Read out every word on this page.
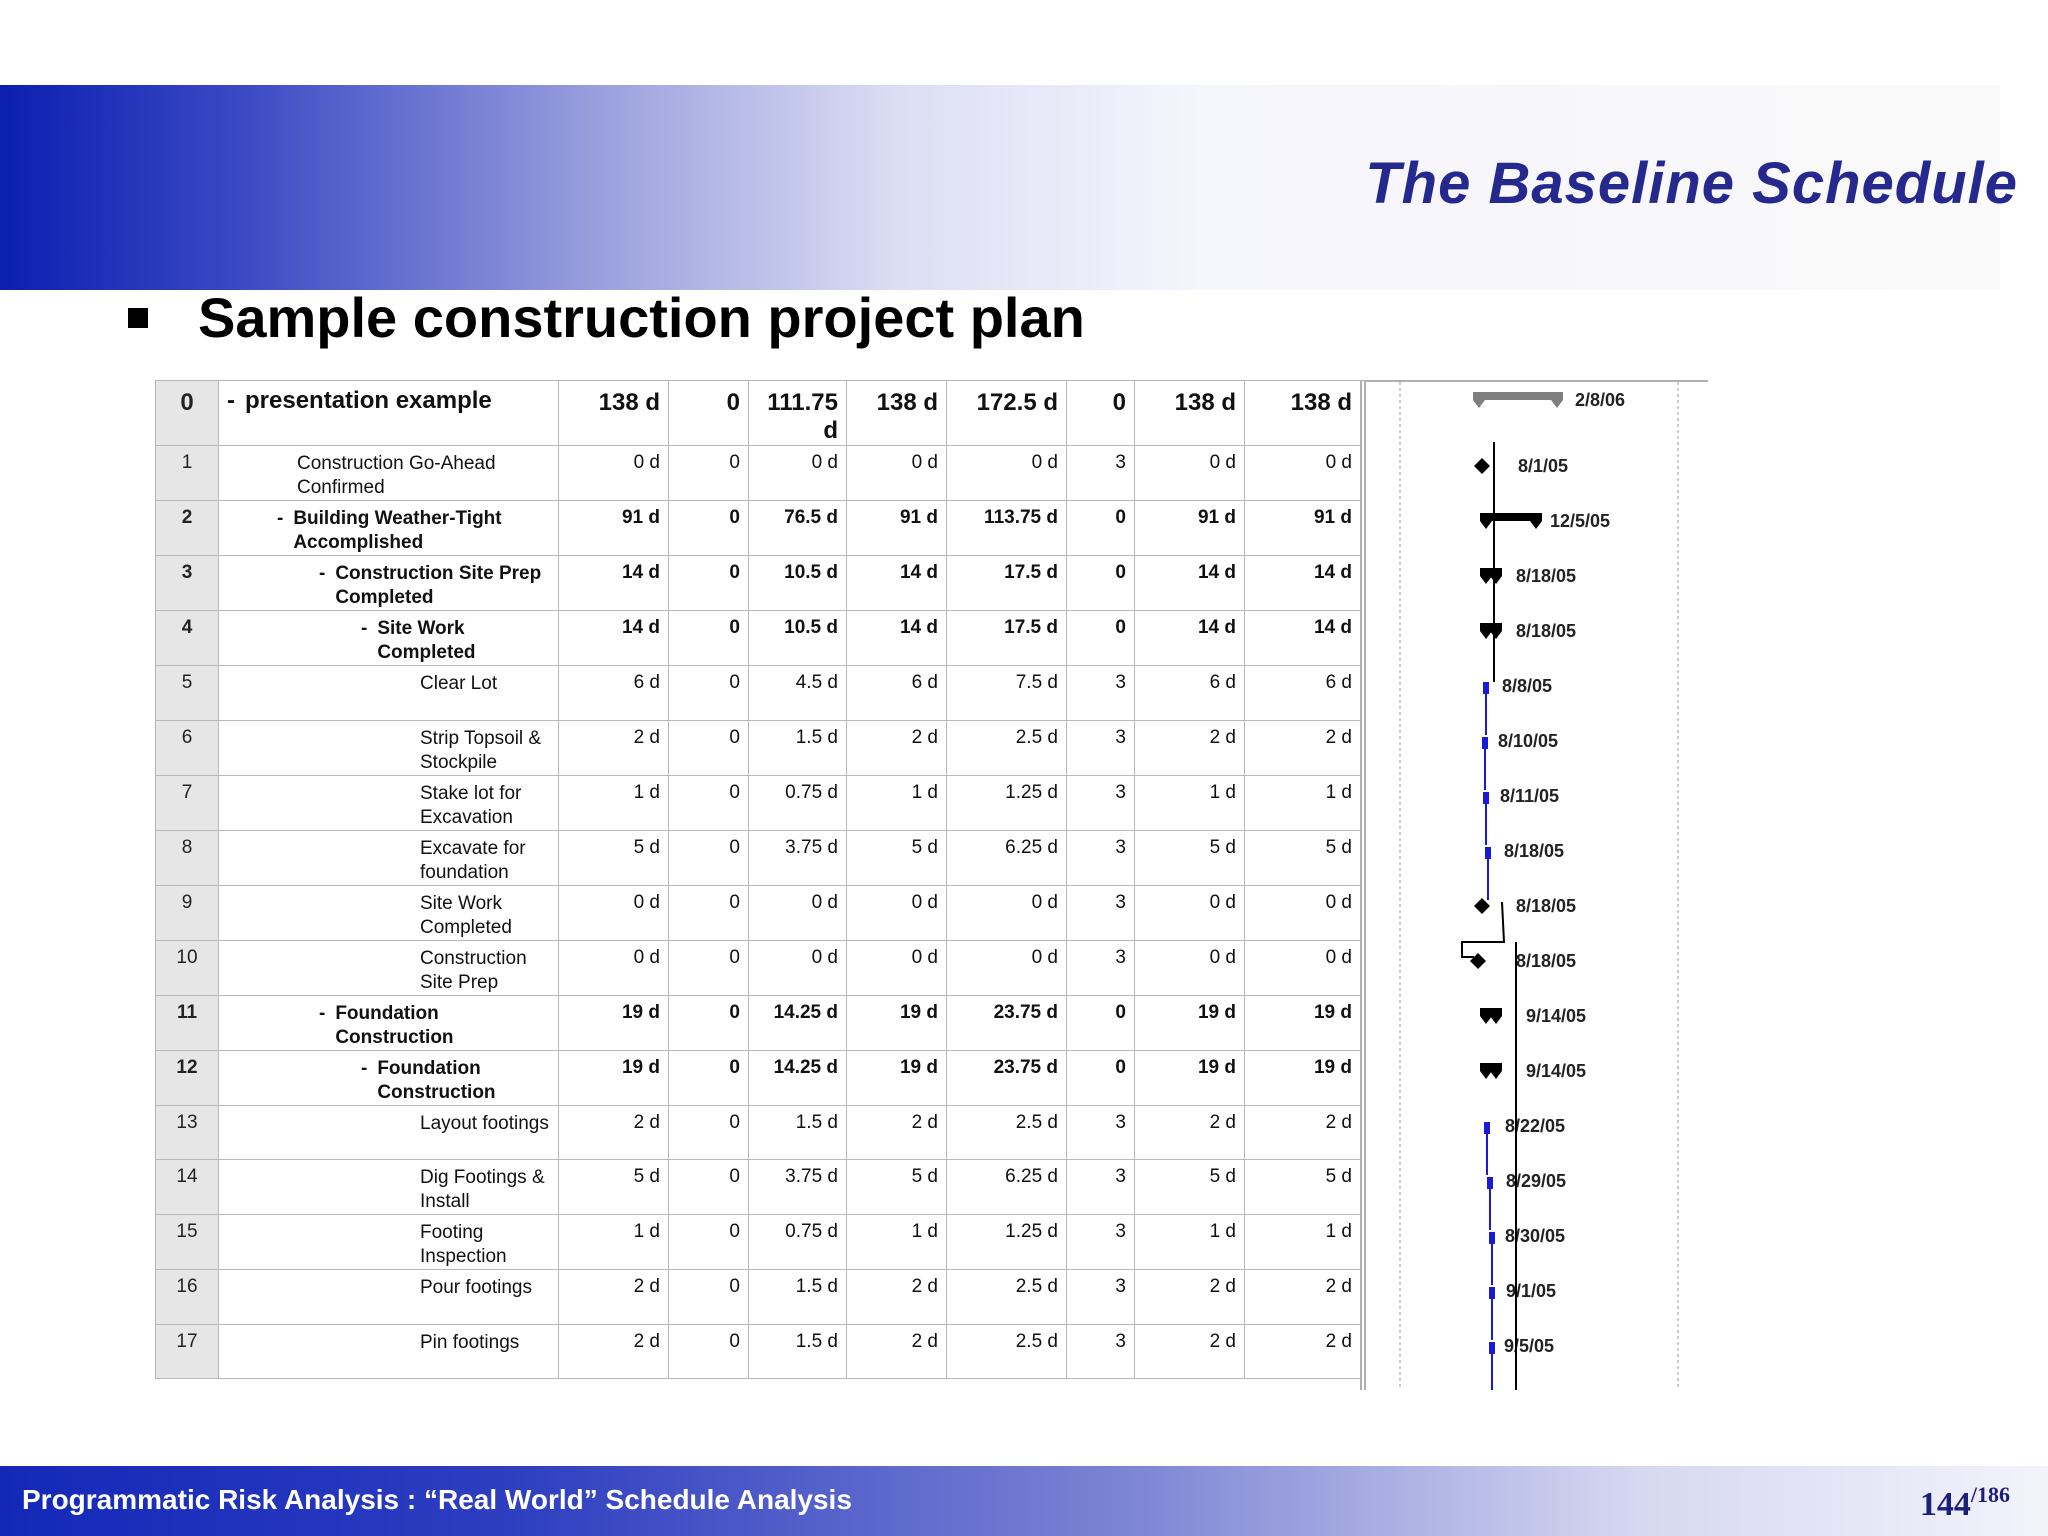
The Baseline Schedule
Sample construction project plan
0	- presentation example	138 d	0	111.75 d	138 d	172.5 d	0	138 d	138 d
1	Construction Go-Ahead Confirmed	0 d	0	0 d	0 d	0 d	3	0 d	0 d
2	- Building Weather-Tight Accomplished	91 d	0	76.5 d	91 d	113.75 d	0	91 d	91 d
3	- Construction Site Prep Completed	14 d	0	10.5 d	14 d	17.5 d	0	14 d	14 d
4	- Site Work Completed	14 d	0	10.5 d	14 d	17.5 d	0	14 d	14 d
5	Clear Lot	6 d	0	4.5 d	6 d	7.5 d	3	6 d	6 d
6	Strip Topsoil & Stockpile	2 d	0	1.5 d	2 d	2.5 d	3	2 d	2 d
7	Stake lot for Excavation	1 d	0	0.75 d	1 d	1.25 d	3	1 d	1 d
8	Excavate for foundation	5 d	0	3.75 d	5 d	6.25 d	3	5 d	5 d
9	Site Work Completed	0 d	0	0 d	0 d	0 d	3	0 d	0 d
10	Construction Site Prep	0 d	0	0 d	0 d	0 d	3	0 d	0 d
11	- Foundation Construction	19 d	0	14.25 d	19 d	23.75 d	0	19 d	19 d
12	- Foundation Construction	19 d	0	14.25 d	19 d	23.75 d	0	19 d	19 d
13	Layout footings	2 d	0	1.5 d	2 d	2.5 d	3	2 d	2 d
14	Dig Footings & Install	5 d	0	3.75 d	5 d	6.25 d	3	5 d	5 d
15	Footing Inspection	1 d	0	0.75 d	1 d	1.25 d	3	1 d	1 d
16	Pour footings	2 d	0	1.5 d	2 d	2.5 d	3	2 d	2 d
17	Pin footings	2 d	0	1.5 d	2 d	2.5 d	3	2 d	2 d
2/8/06
8/1/05
12/5/05
8/18/05
8/18/05
8/8/05
8/10/05
8/11/05
8/18/05
8/18/05
8/18/05
9/14/05
9/14/05
8/22/05
8/29/05
8/30/05
9/1/05
9/5/05
Programmatic Risk Analysis : “Real World” Schedule Analysis	$144^{/186}$
